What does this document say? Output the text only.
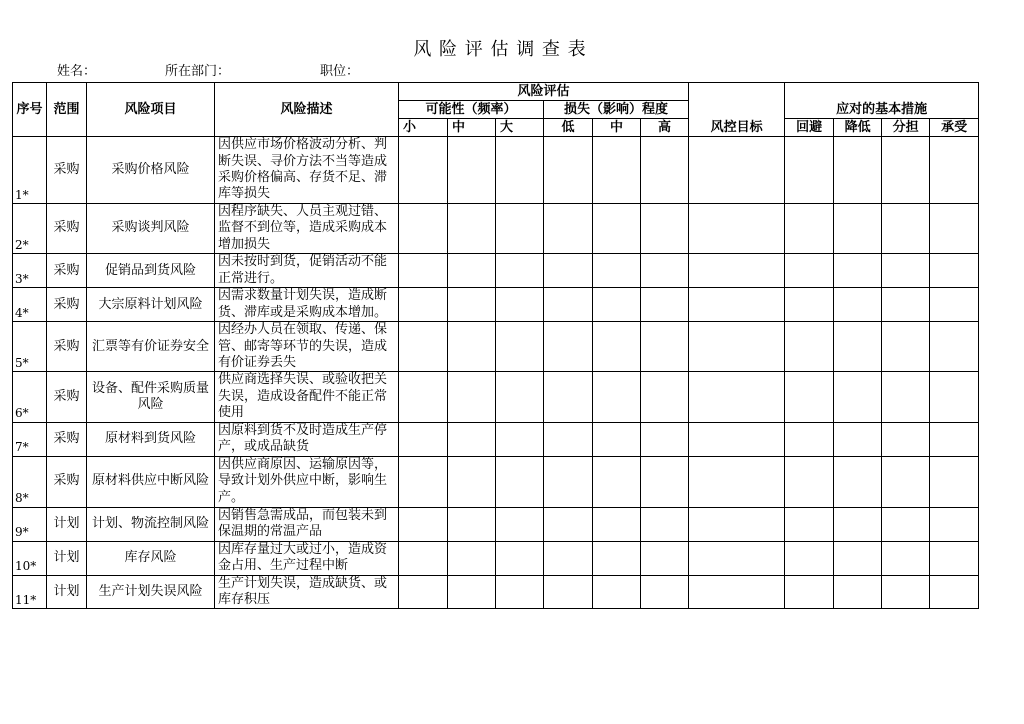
风 险 评 估 调 查 表
姓名：	所在部门：	职位：
序号	范围	风险项目	风险描述	风险评估						风控目标	应对的基本措施			
				可能性（频率）			损失（影响）程度							
				小	中	大	低	中	高		回避	降低	分担	承受
1*	采购	采购价格风险	因供应市场价格波动分析、判
断失误、寻价方法不当等造成
采购价格偏高、存货不足、滞
库等损失											

2*	采购	采购谈判风险	因程序缺失、人员主观过错、
监督不到位等，造成采购成本
增加损失											

3*	采购	促销品到货风险	因未按时到货，促销活动不能
正常进行。											

4*	采购	大宗原料计划风险	因需求数量计划失误，造成断
货、滞库或是采购成本增加。											

5*	采购	汇票等有价证券安全	因经办人员在领取、传递、保
管、邮寄等环节的失误，造成
有价证券丢失											

6*	采购	设备、配件采购质量风险	供应商选择失误、或验收把关
失误，造成设备配件不能正常
使用											

7*	采购	原材料到货风险	因原料到货不及时造成生产停
产，或成品缺货											

8*	采购	原材料供应中断风险	因供应商原因、运输原因等，
导致计划外供应中断，影响生
产。											

9*	计划	计划、物流控制风险	因销售急需成品，而包装未到
保温期的常温产品											

10*	计划	库存风险	因库存量过大或过小，造成资
金占用、生产过程中断											

11*	计划	生产计划失误风险	生产计划失误，造成缺货、或
库存积压											
